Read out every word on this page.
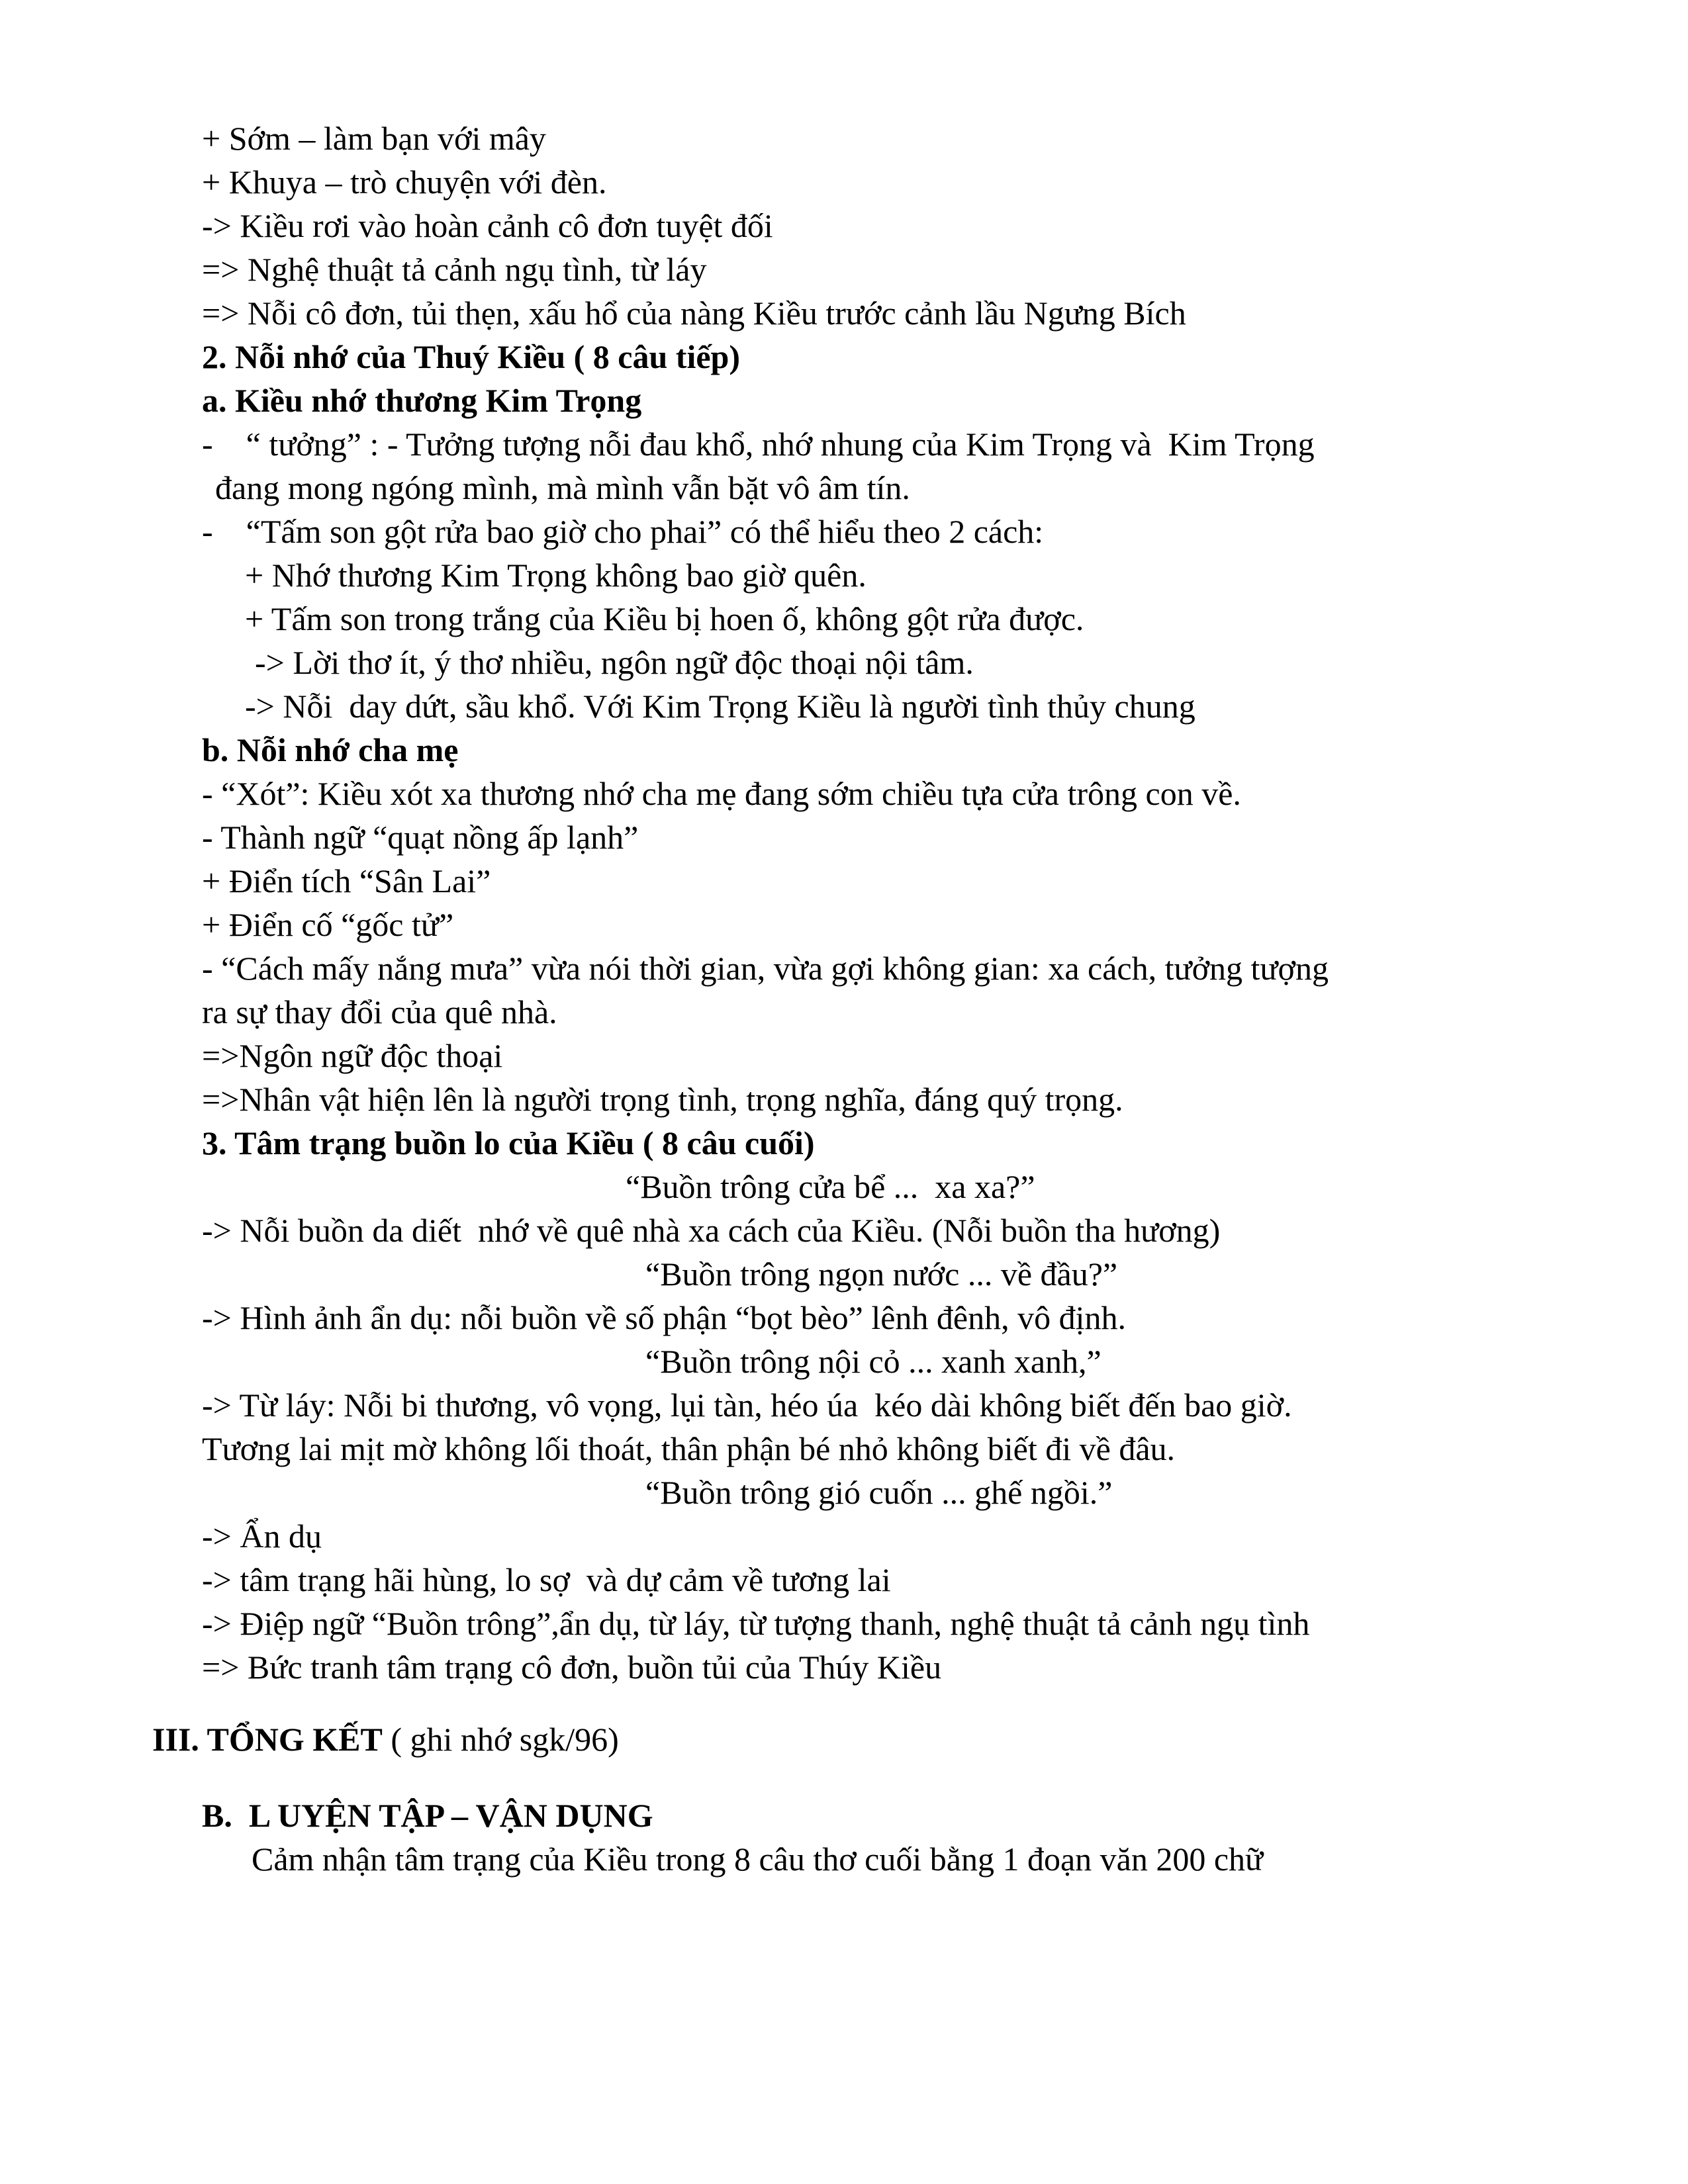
+ Sớm – làm bạn với mây
+ Khuya – trò chuyện với đèn.
-> Kiều rơi vào hoàn cảnh cô đơn tuyệt đối
=> Nghệ thuật tả cảnh ngụ tình, từ láy
=> Nỗi cô đơn, tủi thẹn, xấu hổ của nàng Kiều trước cảnh lầu Ngưng Bích
2. Nỗi nhớ của Thuý Kiều ( 8 câu tiếp)
a. Kiều nhớ thương Kim Trọng
-    “ tưởng” : - Tưởng tượng nỗi đau khổ, nhớ nhung của Kim Trọng và  Kim Trọng
đang mong ngóng mình, mà mình vẫn bặt vô âm tín.
-    “Tấm son gột rửa bao giờ cho phai” có thể hiểu theo 2 cách:
+ Nhớ thương Kim Trọng không bao giờ quên.
+ Tấm son trong trắng của Kiều bị hoen ố, không gột rửa được.
-> Lời thơ ít, ý thơ nhiều, ngôn ngữ độc thoại nội tâm.
-> Nỗi  day dứt, sầu khổ. Với Kim Trọng Kiều là người tình thủy chung
b. Nỗi nhớ cha mẹ
- “Xót”: Kiều xót xa thương nhớ cha mẹ đang sớm chiều tựa cửa trông con về.
- Thành ngữ “quạt nồng ấp lạnh”
+ Điển tích “Sân Lai”
+ Điển cố “gốc tử”
- “Cách mấy nắng mưa” vừa nói thời gian, vừa gợi không gian: xa cách, tưởng tượng
ra sự thay đổi của quê nhà.
=>Ngôn ngữ độc thoại
=>Nhân vật hiện lên là người trọng tình, trọng nghĩa, đáng quý trọng.
3. Tâm trạng buồn lo của Kiều ( 8 câu cuối)
“Buồn trông cửa bể ...  xa xa?”
-> Nỗi buồn da diết  nhớ về quê nhà xa cách của Kiều. (Nỗi buồn tha hương)
“Buồn trông ngọn nước ... về đầu?”
-> Hình ảnh ẩn dụ: nỗi buồn về số phận “bọt bèo” lênh đênh, vô định.
“Buồn trông nội cỏ ... xanh xanh,”
-> Từ láy: Nỗi bi thương, vô vọng, lụi tàn, héo úa  kéo dài không biết đến bao giờ.
Tương lai mịt mờ không lối thoát, thân phận bé nhỏ không biết đi về đâu.
“Buồn trông gió cuốn ... ghế ngồi.”
-> Ẩn dụ
-> tâm trạng hãi hùng, lo sợ  và dự cảm về tương lai
-> Điệp ngữ “Buồn trông”,ẩn dụ, từ láy, từ tượng thanh, nghệ thuật tả cảnh ngụ tình
=> Bức tranh tâm trạng cô đơn, buồn tủi của Thúy Kiều
III. TỔNG KẾT ( ghi nhớ sgk/96)
B.  L UYỆN TẬP – VẬN DỤNG
Cảm nhận tâm trạng của Kiều trong 8 câu thơ cuối bằng 1 đoạn văn 200 chữ
